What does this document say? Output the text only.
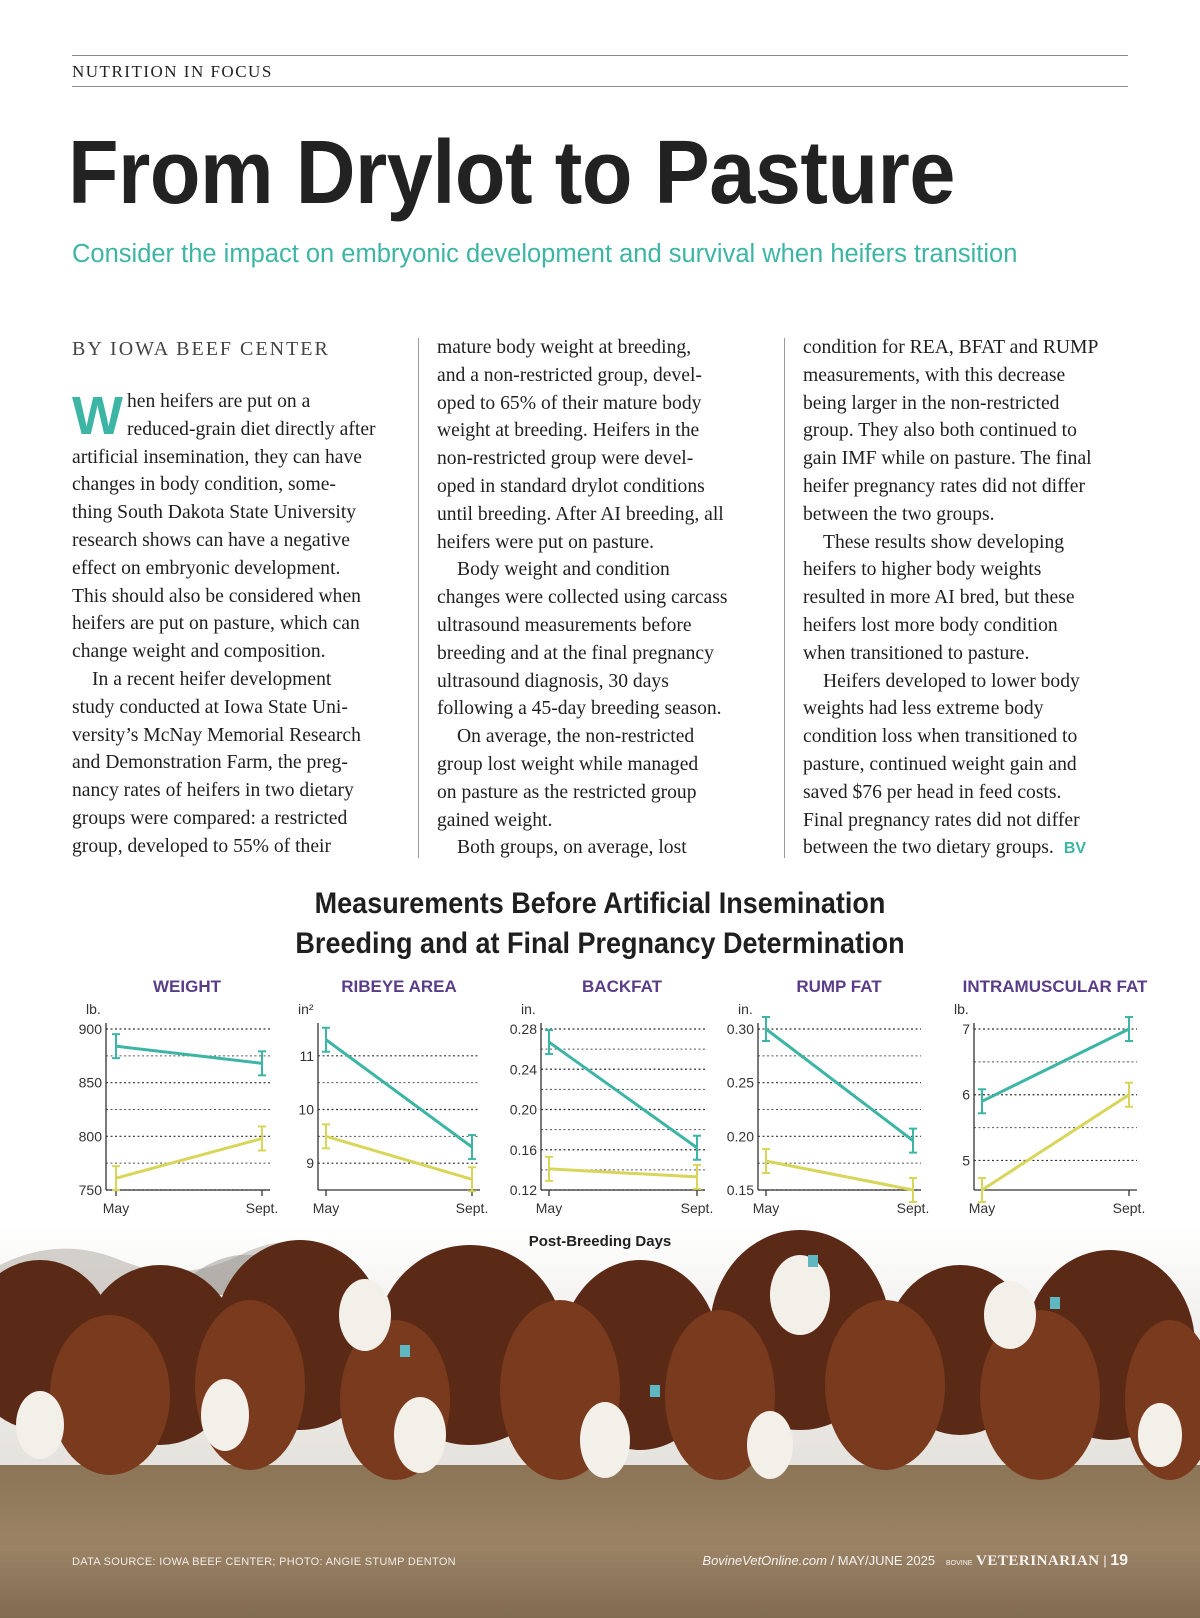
NUTRITION IN FOCUS
From Drylot to Pasture
Consider the impact on embryonic development and survival when heifers transition
BY IOWA BEEF CENTER
W hen heifers are put on a

reduced-grain diet directly after

artificial insemination, they can have

changes in body condition, some-

thing South Dakota State University

research shows can have a negative

effect on embryonic development.

This should also be considered when

heifers are put on pasture, which can

change weight and composition.

In a recent heifer development

study conducted at Iowa State Uni-

versity’s McNay Memorial Research

and Demonstration Farm, the preg-

nancy rates of heifers in two dietary

groups were compared: a restricted

group, developed to 55% of their

mature body weight at breeding,

and a non-restricted group, devel-

oped to 65% of their mature body

weight at breeding. Heifers in the

non-restricted group were devel-

oped in standard drylot conditions

until breeding. After AI breeding, all

heifers were put on pasture.

Body weight and condition

changes were collected using carcass

ultrasound measurements before

breeding and at the final pregnancy

ultrasound diagnosis, 30 days

following a 45-day breeding season.

On average, the non-restricted

group lost weight while managed

on pasture as the restricted group

gained weight.

Both groups, on average, lost

condition for REA, BFAT and RUMP

measurements, with this decrease

being larger in the non-restricted

group. They also both continued to

gain IMF while on pasture. The final

heifer pregnancy rates did not differ

between the two groups.

These results show developing

heifers to higher body weights

resulted in more AI bred, but these

heifers lost more body condition

when transitioned to pasture.

Heifers developed to lower body

weights had less extreme body

condition loss when transitioned to

pasture, continued weight gain and

saved $76 per head in feed costs.

Final pregnancy rates did not differ

between the two dietary groups. BV

Measurements Before Artificial Insemination
Breeding and at Final Pregnancy Determination
WEIGHT
lb.
900
850
800
750
May	Sept.
RIBEYE AREA
in²
11
10
9
May	Sept.
BACKFAT
in.
0.28
0.24
0.20
0.16
0.12
May	Sept.
RUMP FAT
in.
0.30
0.25
0.20
0.15
May	Sept.
INTRAMUSCULAR FAT
lb.
7
6
5
May	Sept.
Post-Breeding Days
DATA SOURCE: IOWA BEEF CENTER; PHOTO: ANGIE STUMP DENTON	BovineVetOnline.com / MAY/JUNE 2025 BOVINE VETERINARIAN | 19
